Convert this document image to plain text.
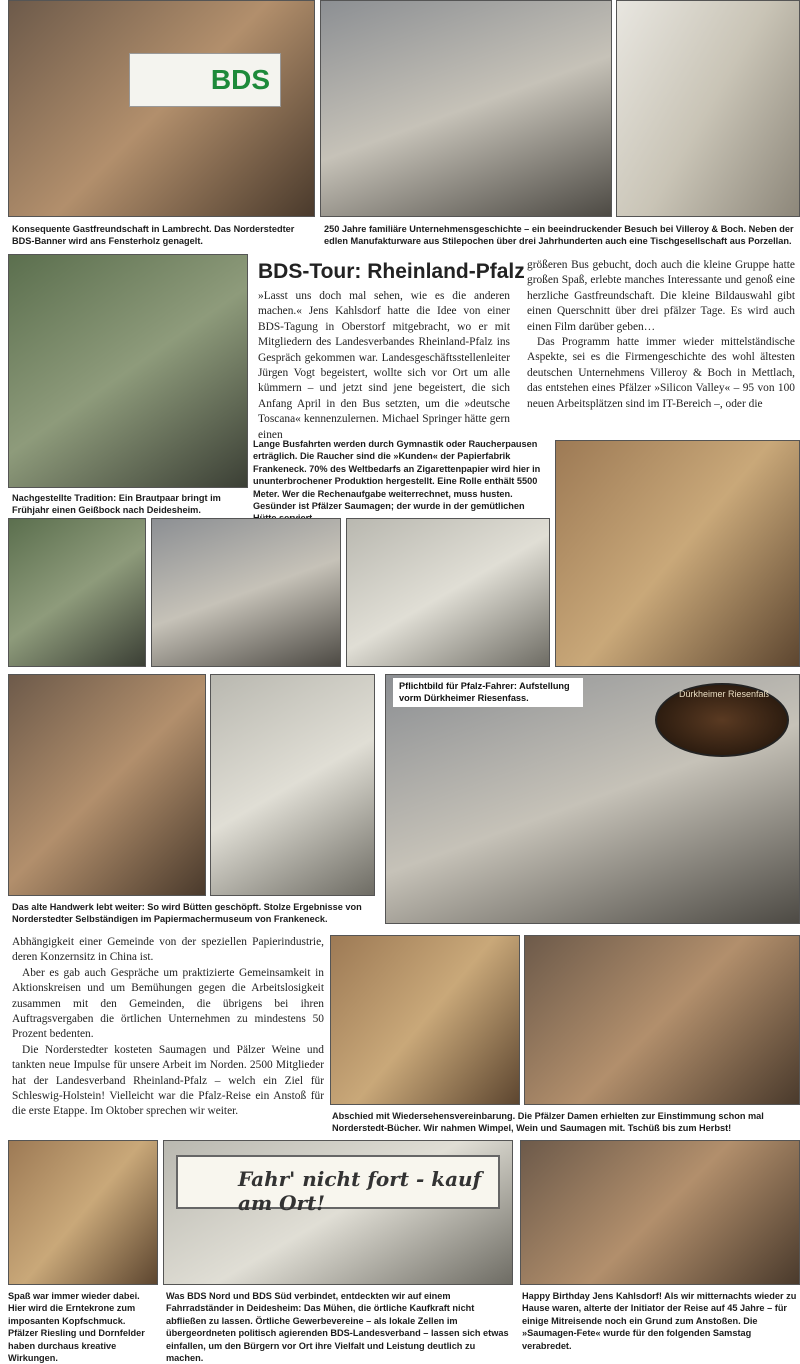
BDS
Konsequente Gastfreundschaft in Lambrecht. Das Norderstedter BDS-Banner wird ans Fensterholz genagelt.
250 Jahre familiäre Unternehmensgeschichte – ein beeindruckender Besuch bei Villeroy & Boch. Neben der edlen Manufakturware aus Stilepochen über drei Jahrhunderten auch eine Tischgesellschaft aus Porzellan.
Nachgestellte Tradition: Ein Brautpaar bringt im Frühjahr einen Geißbock nach Deidesheim.
BDS-Tour: Rheinland-Pfalz

»Lasst uns doch mal sehen, wie es die anderen machen.« Jens Kahlsdorf hatte die Idee von einer BDS-Tagung in Oberstorf mitgebracht, wo er mit Mitgliedern des Landesverbandes Rheinland-Pfalz ins Gespräch gekommen war. Landesgeschäftsstellenleiter Jürgen Vogt begeistert, wollte sich vor Ort um alle kümmern – und jetzt sind jene begeistert, die sich Anfang April in den Bus setzten, um die »deutsche Toscana« kennenzulernen. Michael Springer hätte gern einen

größeren Bus gebucht, doch auch die kleine Gruppe hatte großen Spaß, erlebte manches Interessante und genoß eine herzliche Gastfreundschaft. Die kleine Bildauswahl gibt einen Querschnitt über drei pfälzer Tage. Es wird auch einen Film darüber geben…

Das Programm hatte immer wieder mittelständische Aspekte, sei es die Firmengeschichte des wohl ältesten deutschen Unternehmens Villeroy & Boch in Mettlach, das entstehen eines Pfälzer »Silicon Valley« – 95 von 100 neuen Arbeitsplätzen sind im IT-Bereich –, oder die

Lange Busfahrten werden durch Gymnastik oder Raucherpausen erträglich. Die Raucher sind die »Kunden« der Papierfabrik Frankeneck. 70% des Weltbedarfs an Zigarettenpapier wird hier in ununterbrochener Produktion hergestellt. Eine Rolle enthält 5500 Meter. Wer die Rechenaufgabe weiterrechnet, muss husten. Gesünder ist Pfälzer Saumagen; der wurde in der gemütlichen
Das alte Handwerk lebt weiter: So wird Bütten geschöpft. Stolze Ergebnisse von Norderstedter Selbständigen im Papiermachermuseum von Frankeneck.
Dürkheimer Riesenfaß
Pflichtbild für Pfalz-Fahrer: Aufstellung vorm Dürkheimer Riesenfass.

Abhängigkeit einer Gemeinde von der speziellen Papierindustrie, deren Konzernsitz in China ist.

Aber es gab auch Gespräche um praktizierte Gemeinsamkeit in Aktionskreisen und um Bemühungen gegen die Arbeitslosigkeit zusammen mit den Gemeinden, die übrigens bei ihren Auftragsvergaben die örtlichen Unternehmen zu mindestens 50 Prozent bedenten.

Die Norderstedter kosteten Saumagen und Pälzer Weine und tankten neue Impulse für unsere Arbeit im Norden. 2500 Mitglieder hat der Landesverband Rheinland-Pfalz – welch ein Ziel für Schleswig-Holstein! Vielleicht war die Pfalz-Reise ein Anstoß für die erste Etappe. Im Oktober sprechen wir weiter.	Abschied mit Wiedersehensvereinbarung. Die Pfälzer Damen erhielten zur Einstimmung schon mal Norderstedt-Bücher. Wir nahmen Wimpel, Wein und Saumagen mit. Tschüß bis zum Herbst!
Fahr' nicht fort - kauf am Ort!
Spaß war immer wieder dabei. Hier wird die Erntekrone zum imposanten Kopfschmuck. Pfälzer Riesling und Dornfelder haben durchaus kreative Wirkungen.
Was BDS Nord und BDS Süd verbindet, entdeckten wir auf einem Fahrradständer in Deidesheim: Das Mühen, die örtliche Kaufkraft nicht abfließen zu lassen. Örtliche Gewerbevereine – als lokale Zellen im übergeordneten politisch agierenden BDS-Landesverband – lassen sich etwas einfallen, um den Bürgern vor Ort ihre Vielfalt und Leistung deutlich zu machen.
Happy Birthday Jens Kahlsdorf! Als wir mitternachts wieder zu Hause waren, alterte der Initiator der Reise auf 45 Jahre – für einige Mitreisende noch ein Grund zum Anstoßen. Die »Saumagen-Fete« wurde für den folgenden Samstag verabredet.
